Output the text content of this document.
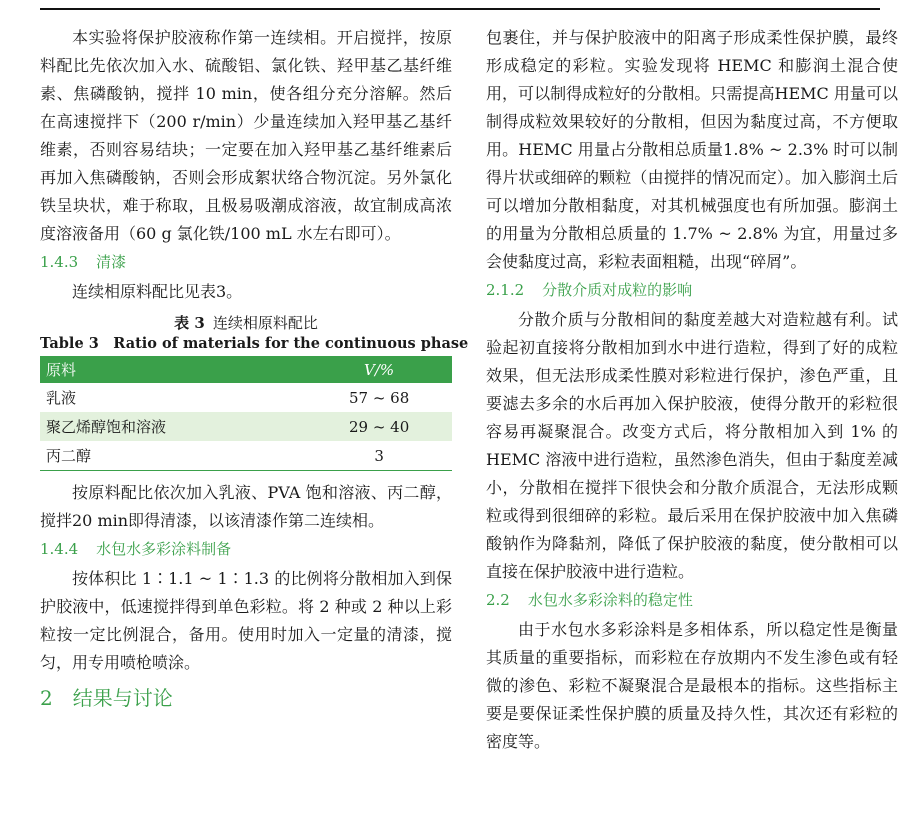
本实验将保护胶液称作第一连续相。开启搅拌，按原料配比先依次加入水、硫酸铝、氯化铁、羟甲基乙基纤维素、焦磷酸钠，搅拌 10 min，使各组分充分溶解。然后在高速搅拌下（200 r/min）少量连续加入羟甲基乙基纤维素，否则容易结块；一定要在加入羟甲基乙基纤维素后再加入焦磷酸钠，否则会形成絮状络合物沉淀。另外氯化铁呈块状，难于称取，且极易吸潮成溶液，故宜制成高浓度溶液备用（60 g 氯化铁/100 mL 水左右即可）。

1.4.3 清漆

连续相原料配比见表3。

表 3 连续相原料配比
Table 3　Ratio of materials for the continuous phase
原料	V/%
乳液	57 ~ 68
聚乙烯醇饱和溶液	29 ~ 40
丙二醇	3

按原料配比依次加入乳液、PVA 饱和溶液、丙二醇，搅拌20 min即得清漆，以该清漆作第二连续相。

1.4.4 水包水多彩涂料制备

按体积比 1∶1.1 ~ 1∶1.3 的比例将分散相加入到保护胶液中，低速搅拌得到单色彩粒。将 2 种或 2 种以上彩粒按一定比例混合，备用。使用时加入一定量的清漆，搅匀，用专用喷枪喷涂。

2 结果与讨论

包裹住，并与保护胶液中的阳离子形成柔性保护膜，最终形成稳定的彩粒。实验发现将 HEMC 和膨润土混合使用，可以制得成粒好的分散相。只需提高HEMC 用量可以制得成粒效果较好的分散相，但因为黏度过高，不方便取用。HEMC 用量占分散相总质量1.8% ~ 2.3% 时可以制得片状或细碎的颗粒（由搅拌的情况而定）。加入膨润土后可以增加分散相黏度，对其机械强度也有所加强。膨润土的用量为分散相总质量的 1.7% ~ 2.8% 为宜，用量过多会使黏度过高，彩粒表面粗糙，出现“碎屑”。

2.1.2 分散介质对成粒的影响

分散介质与分散相间的黏度差越大对造粒越有利。试验起初直接将分散相加到水中进行造粒，得到了好的成粒效果，但无法形成柔性膜对彩粒进行保护，渗色严重，且要滤去多余的水后再加入保护胶液，使得分散开的彩粒很容易再凝聚混合。改变方式后，将分散相加入到 1% 的 HEMC 溶液中进行造粒，虽然渗色消失，但由于黏度差减小，分散相在搅拌下很快会和分散介质混合，无法形成颗粒或得到很细碎的彩粒。最后采用在保护胶液中加入焦磷酸钠作为降黏剂，降低了保护胶液的黏度，使分散相可以直接在保护胶液中进行造粒。

2.2 水包水多彩涂料的稳定性

由于水包水多彩涂料是多相体系，所以稳定性是衡量其质量的重要指标，而彩粒在存放期内不发生渗色或有轻微的渗色、彩粒不凝聚混合是最根本的指标。这些指标主要是要保证柔性保护膜的质量及持久性，其次还有彩粒的密度等。
